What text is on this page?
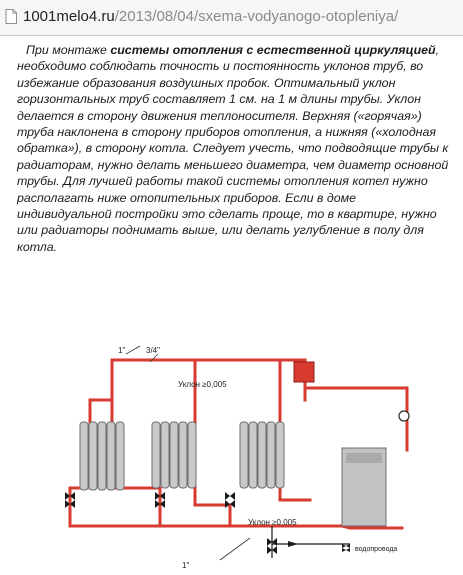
1001melo4.ru/2013/08/04/sxema-vodyanogo-otopleniya/

При монтаже системы отопления с естественной циркуляцией, необходимо соблюдать точность и постоянность уклонов труб, во избежание образования воздушных пробок. Оптимальный уклон горизонтальных труб составляет 1 см. на 1 м длины трубы. Уклон делается в сторону движения теплоносителя. Верхняя («горячая») труба наклонена в сторону приборов отопления, а нижняя («холодная обратка»), в сторону котла. Следует учесть, что подводящие трубы к радиаторам, нужно делать меньшего диаметра, чем диаметр основной трубы. Для лучшей работы такой системы отопления котел нужно располагать ниже отопительных приборов. Если в доме индивидуальной постройки это сделать проще, то в квартире, нужно или радиаторы поднимать выше, или делать углубление в полу для котла.

1"	3/4"
Уклон ≥0,005
Уклон ≥0,005
1"
водопровода
